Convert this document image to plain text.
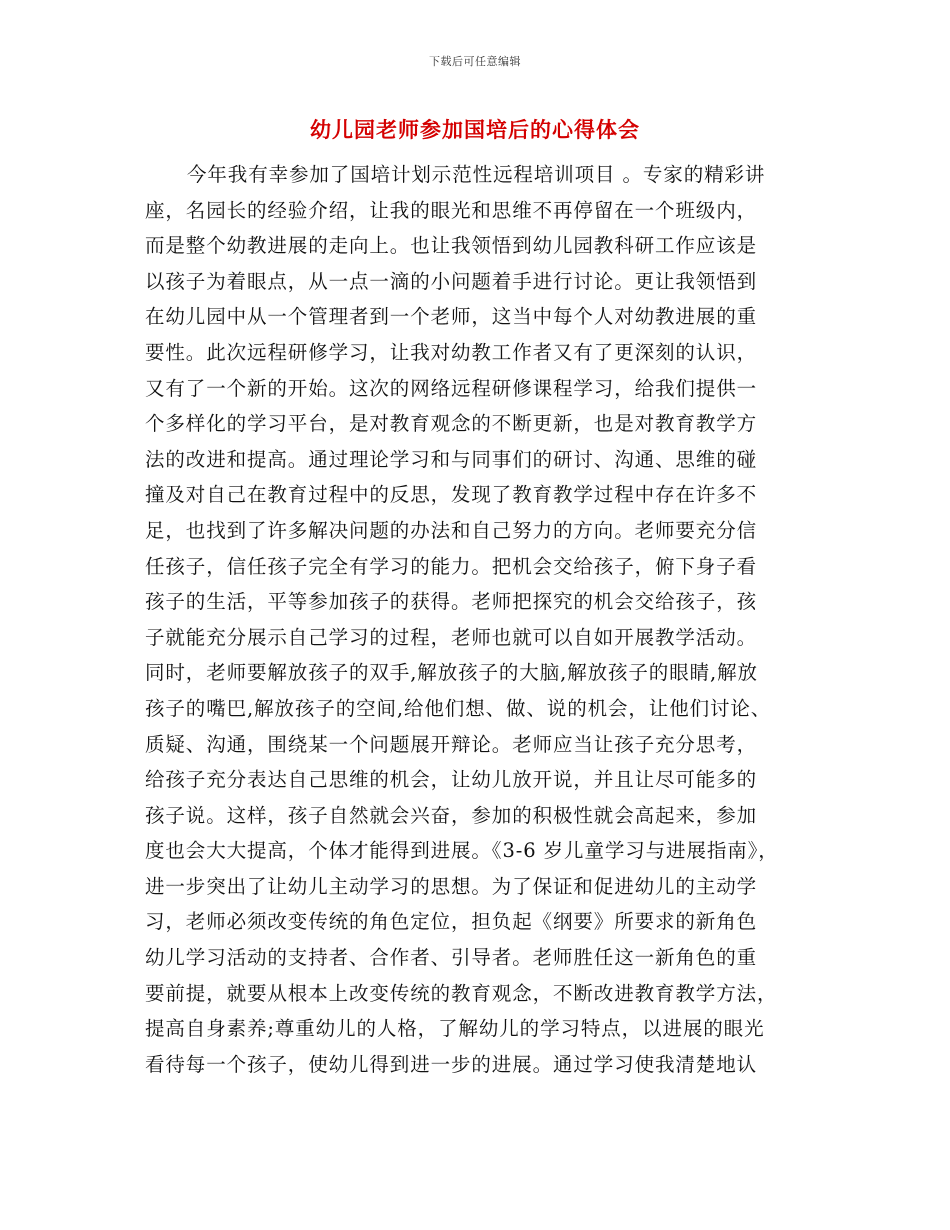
下载后可任意编辑
幼儿园老师参加国培后的心得体会
今年我有幸参加了国培计划示范性远程培训项目 。专家的精彩讲
座，名园长的经验介绍，让我的眼光和思维不再停留在一个班级内，
而是整个幼教进展的走向上。也让我领悟到幼儿园教科研工作应该是
以孩子为着眼点，从一点一滴的小问题着手进行讨论。更让我领悟到
在幼儿园中从一个管理者到一个老师，这当中每个人对幼教进展的重
要性。此次远程研修学习，让我对幼教工作者又有了更深刻的认识，
又有了一个新的开始。这次的网络远程研修课程学习，给我们提供一
个多样化的学习平台，是对教育观念的不断更新，也是对教育教学方
法的改进和提高。通过理论学习和与同事们的研讨、沟通、思维的碰
撞及对自己在教育过程中的反思，发现了教育教学过程中存在许多不
足，也找到了许多解决问题的办法和自己努力的方向。老师要充分信
任孩子，信任孩子完全有学习的能力。把机会交给孩子，俯下身子看
孩子的生活，平等参加孩子的获得。老师把探究的机会交给孩子，孩
子就能充分展示自己学习的过程，老师也就可以自如开展教学活动。
同时，老师要解放孩子的双手,解放孩子的大脑,解放孩子的眼睛,解放
孩子的嘴巴,解放孩子的空间,给他们想、做、说的机会，让他们讨论、
质疑、沟通，围绕某一个问题展开辩论。老师应当让孩子充分思考，
给孩子充分表达自己思维的机会，让幼儿放开说，并且让尽可能多的
孩子说。这样，孩子自然就会兴奋，参加的积极性就会高起来，参加
度也会大大提高，个体才能得到进展。《3-6 岁儿童学习与进展指南》，
进一步突出了让幼儿主动学习的思想。为了保证和促进幼儿的主动学
习，老师必须改变传统的角色定位，担负起《纲要》所要求的新角色
幼儿学习活动的支持者、合作者、引导者。老师胜任这一新角色的重
要前提，就要从根本上改变传统的教育观念，不断改进教育教学方法，
提高自身素养;尊重幼儿的人格，了解幼儿的学习特点，以进展的眼光
看待每一个孩子，使幼儿得到进一步的进展。通过学习使我清楚地认
